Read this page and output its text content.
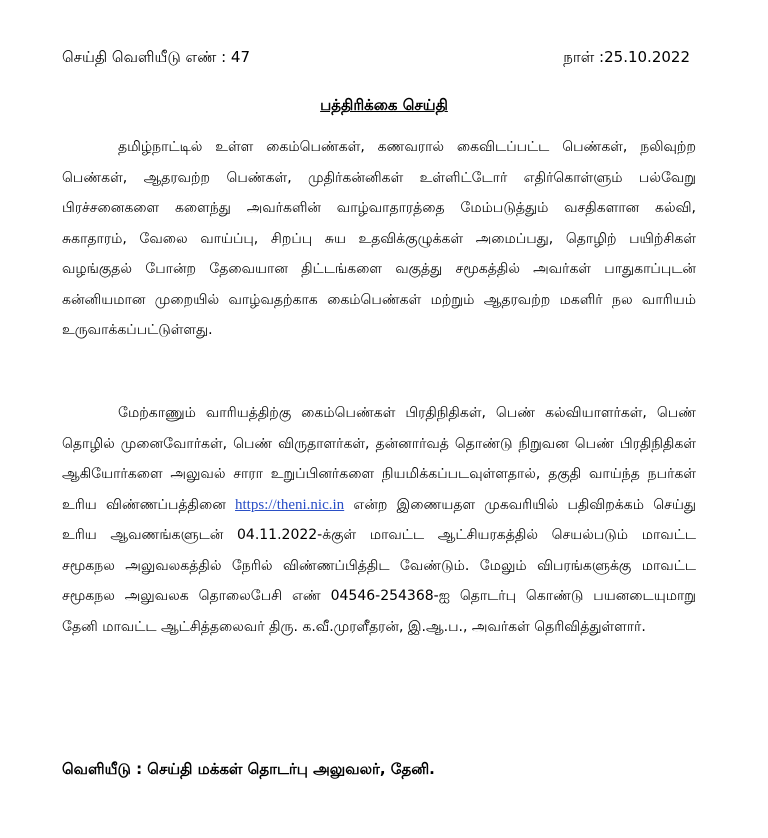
செய்தி வெளியீடு எண் : 47	நாள் :25.10.2022
பத்திரிக்கை செய்தி
தமிழ்நாட்டில் உள்ள கைம்பெண்கள், கணவரால் கைவிடப்பட்ட பெண்கள், நலிவுற்ற பெண்கள், ஆதரவற்ற பெண்கள், முதிர்கன்னிகள் உள்ளிட்டோர் எதிர்கொள்ளும் பல்வேறு பிரச்சனைகளை களைந்து அவர்களின் வாழ்வாதாரத்தை மேம்படுத்தும் வசதிகளான கல்வி, சுகாதாரம், வேலை வாய்ப்பு, சிறப்பு சுய உதவிக்குழுக்கள் அமைப்பது, தொழிற் பயிற்சிகள் வழங்குதல் போன்ற தேவையான திட்டங்களை வகுத்து சமூகத்தில் அவர்கள் பாதுகாப்புடன் கன்னியமான முறையில் வாழ்வதற்காக கைம்பெண்கள் மற்றும் ஆதரவற்ற மகளிர் நல வாரியம் உருவாக்கப்பட்டுள்ளது.
மேற்காணும் வாரியத்திற்கு கைம்பெண்கள் பிரதிநிதிகள், பெண் கல்வியாளர்கள், பெண் தொழில் முனைவோர்கள், பெண் விருதாளர்கள், தன்னார்வத் தொண்டு நிறுவன பெண் பிரதிநிதிகள் ஆகியோர்களை அலுவல் சாரா உறுப்பினர்களை நியமிக்கப்படவுள்ளதால், தகுதி வாய்ந்த நபர்கள் உரிய விண்ணப்பத்தினை https://theni.nic.in என்ற இணையதள முகவரியில் பதிவிறக்கம் செய்து உரிய ஆவணங்களுடன் 04.11.2022-க்குள் மாவட்ட ஆட்சியரகத்தில் செயல்படும் மாவட்ட சமூகநல அலுவலகத்தில் நேரில் விண்ணப்பித்திட வேண்டும். மேலும் விபரங்களுக்கு மாவட்ட சமூகநல அலுவலக தொலைபேசி எண் 04546-254368-ஐ தொடர்பு கொண்டு பயனடையுமாறு தேனி மாவட்ட ஆட்சித்தலைவர் திரு. க.வீ.முரளீதரன், இ.ஆ.ப., அவர்கள் தெரிவித்துள்ளார்.
வெளியீடு : செய்தி மக்கள் தொடர்பு அலுவலர், தேனி.
